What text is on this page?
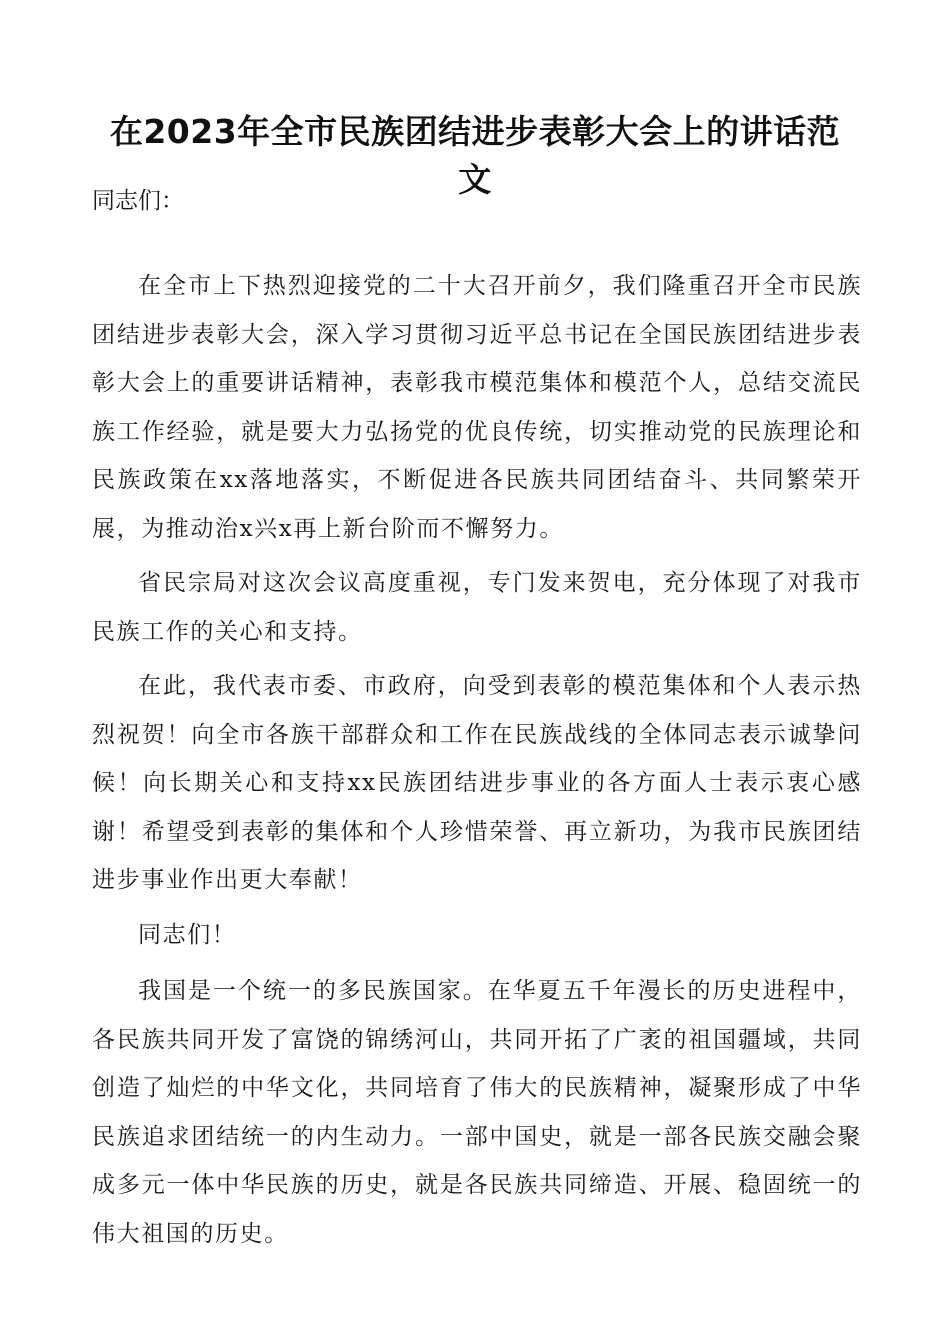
在2023年全市民族团结进步表彰大会上的讲话范文

同志们：

在全市上下热烈迎接党的二十大召开前夕，我们隆重召开全市民族团结进步表彰大会，深入学习贯彻习近平总书记在全国民族团结进步表彰大会上的重要讲话精神，表彰我市模范集体和模范个人，总结交流民族工作经验，就是要大力弘扬党的优良传统，切实推动党的民族理论和民族政策在xx落地落实，不断促进各民族共同团结奋斗、共同繁荣开展，为推动治x兴x再上新台阶而不懈努力。

省民宗局对这次会议高度重视，专门发来贺电，充分体现了对我市民族工作的关心和支持。

在此，我代表市委、市政府，向受到表彰的模范集体和个人表示热烈祝贺！向全市各族干部群众和工作在民族战线的全体同志表示诚挚问候！向长期关心和支持xx民族团结进步事业的各方面人士表示衷心感谢！希望受到表彰的集体和个人珍惜荣誉、再立新功，为我市民族团结进步事业作出更大奉献！

同志们！

我国是一个统一的多民族国家。在华夏五千年漫长的历史进程中，各民族共同开发了富饶的锦绣河山，共同开拓了广袤的祖国疆域，共同创造了灿烂的中华文化，共同培育了伟大的民族精神，凝聚形成了中华民族追求团结统一的内生动力。一部中国史，就是一部各民族交融会聚成多元一体中华民族的历史，就是各民族共同缔造、开展、稳固统一的伟大祖国的历史。
